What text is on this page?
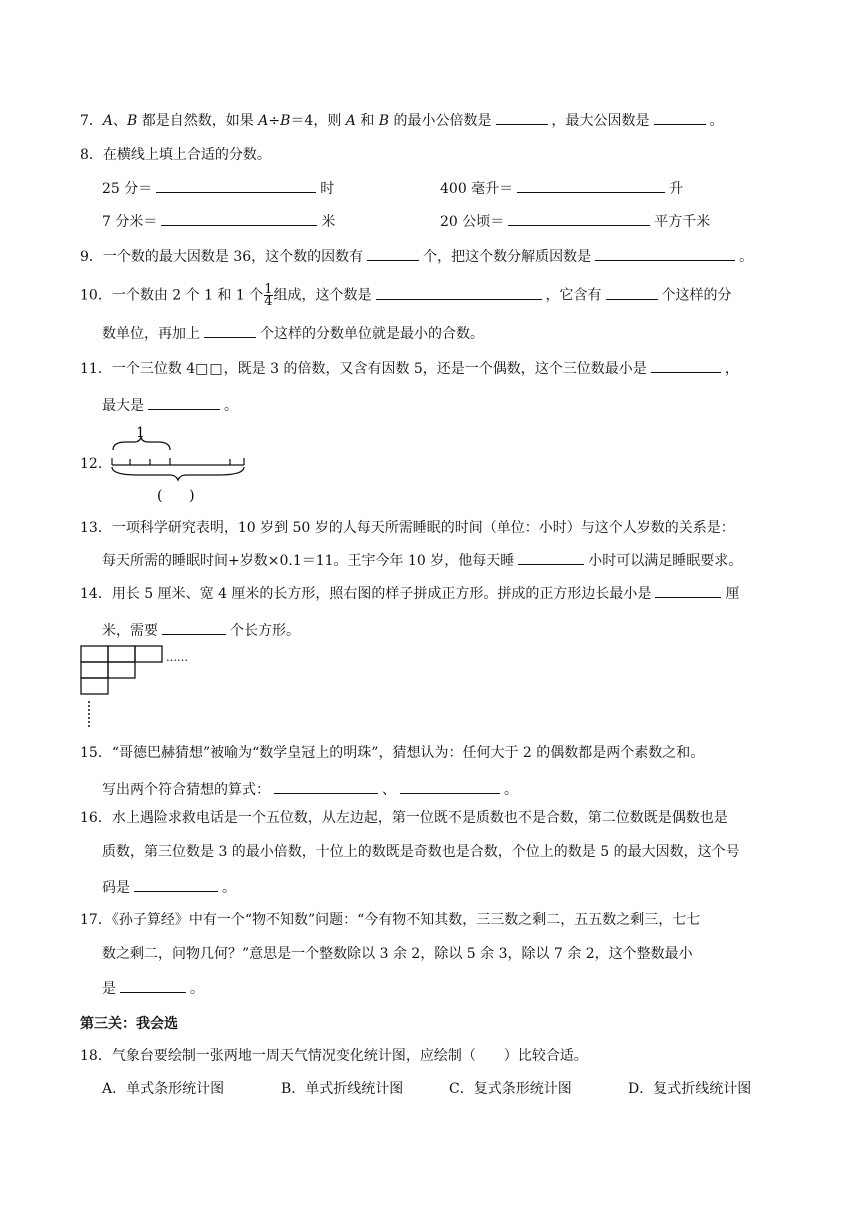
7．A、B 都是自然数，如果 A÷B＝4，则 A 和 B 的最小公倍数是	，最大公因数是	。
8．在横线上填上合适的分数。
25 分＝	时	400 毫升＝	升
7 分米＝	米	20 公顷＝	平方千米
9．一个数的最大因数是 36，这个数的因数有	个，把这个数分解质因数是	。
10．一个数由 2 个 1 和 1 个$\frac{1}{4}$组成，这个数是	，它含有	个这样的分
数单位，再加上	个这样的分数单位就是最小的合数。
11．一个三位数 4□□，既是 3 的倍数，又含有因数 5，还是一个偶数，这个三位数最小是	，
最大是	。
12．
1
(      )
13．一项科学研究表明，10 岁到 50 岁的人每天所需睡眠的时间（单位：小时）与这个人岁数的关系是：
每天所需的睡眠时间+岁数×0.1＝11。王宇今年 10 岁，他每天睡	小时可以满足睡眠要求。
14．用长 5 厘米、宽 4 厘米的长方形，照右图的样子拼成正方形。拼成的正方形边长最小是	厘
米，需要	个长方形。
……
15．“哥德巴赫猜想”被喻为“数学皇冠上的明珠”，猜想认为：任何大于 2 的偶数都是两个素数之和。
写出两个符合猜想的算式：	、	。
16．水上遇险求救电话是一个五位数，从左边起，第一位既不是质数也不是合数，第二位数既是偶数也是
质数，第三位数是 3 的最小倍数，十位上的数既是奇数也是合数，个位上的数是 5 的最大因数，这个号
码是	。
17．《孙子算经》中有一个“物不知数”问题：“今有物不知其数，三三数之剩二，五五数之剩三，七七
数之剩二，问物几何？”意思是一个整数除以 3 余 2，除以 5 余 3，除以 7 余 2，这个整数最小
是	。
第三关：我会选
18．气象台要绘制一张两地一周天气情况变化统计图，应绘制（　　）比较合适。
A．单式条形统计图	B．单式折线统计图	C．复式条形统计图	D．复式折线统计图
